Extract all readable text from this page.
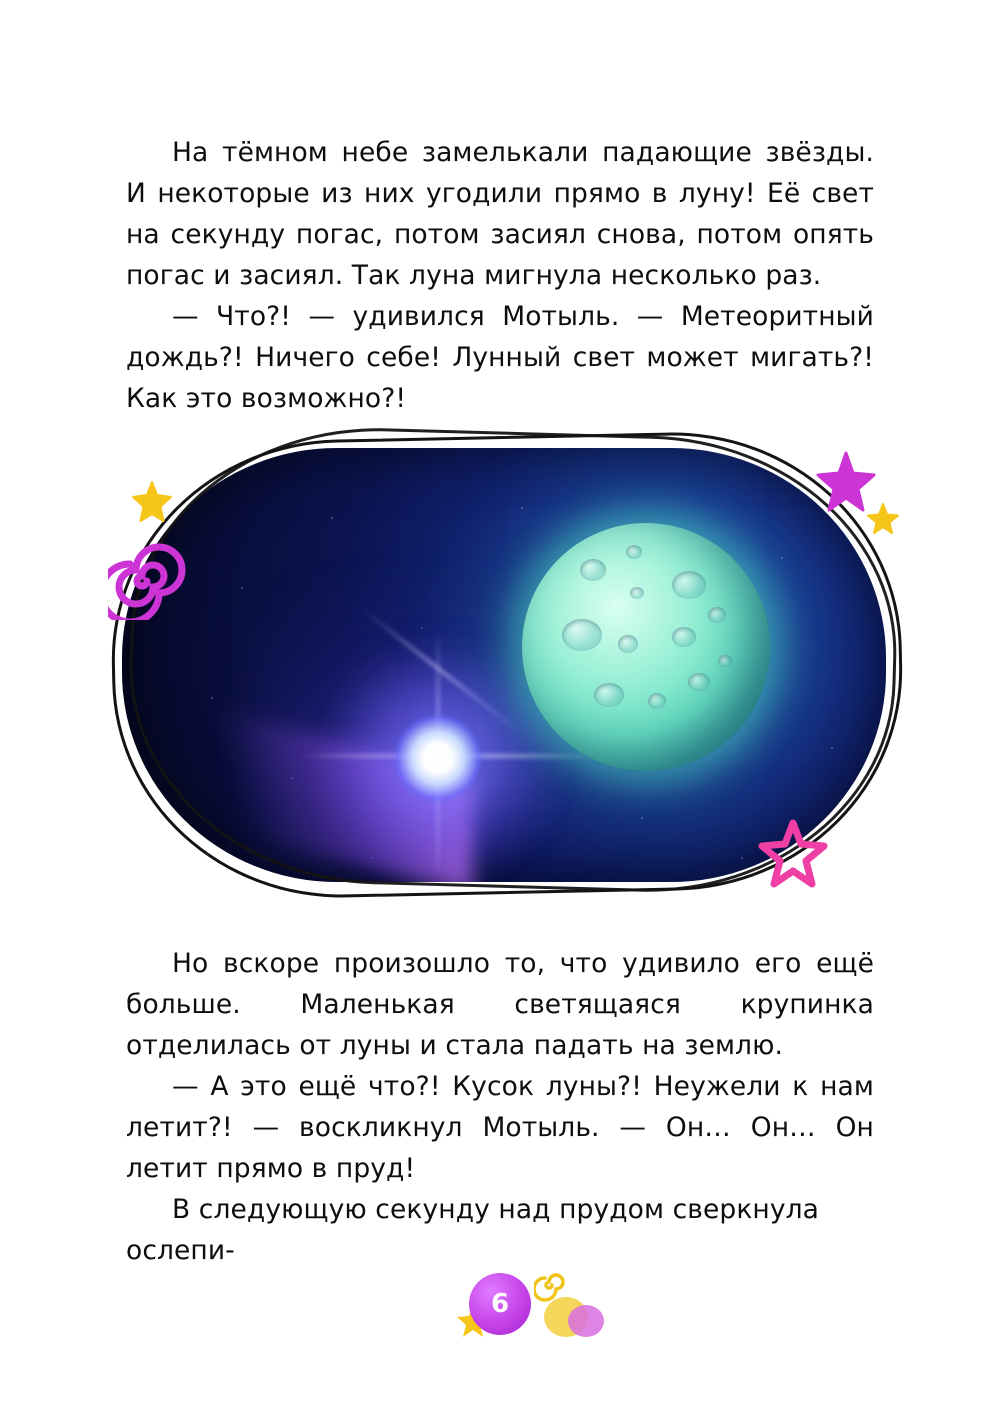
На тёмном небе замелькали падающие звёзды. И некоторые из них угодили прямо в луну! Её свет на секунду погас, потом засиял снова, потом опять погас и засиял. Так луна мигнула несколько раз.

— Что?! — удивился Мотыль. — Метеоритный дождь?! Ничего себе! Лунный свет может мигать?! Как это возможно?!

Но вскоре произошло то, что удивило его ещё больше. Маленькая светящаяся крупинка отделилась от луны и стала падать на землю.

— А это ещё что?! Кусок луны?! Неужели к нам летит?! — воскликнул Мотыль. — Он… Он… Он летит прямо в пруд!

В следующую секунду над прудом сверкнула ослепи-

6
